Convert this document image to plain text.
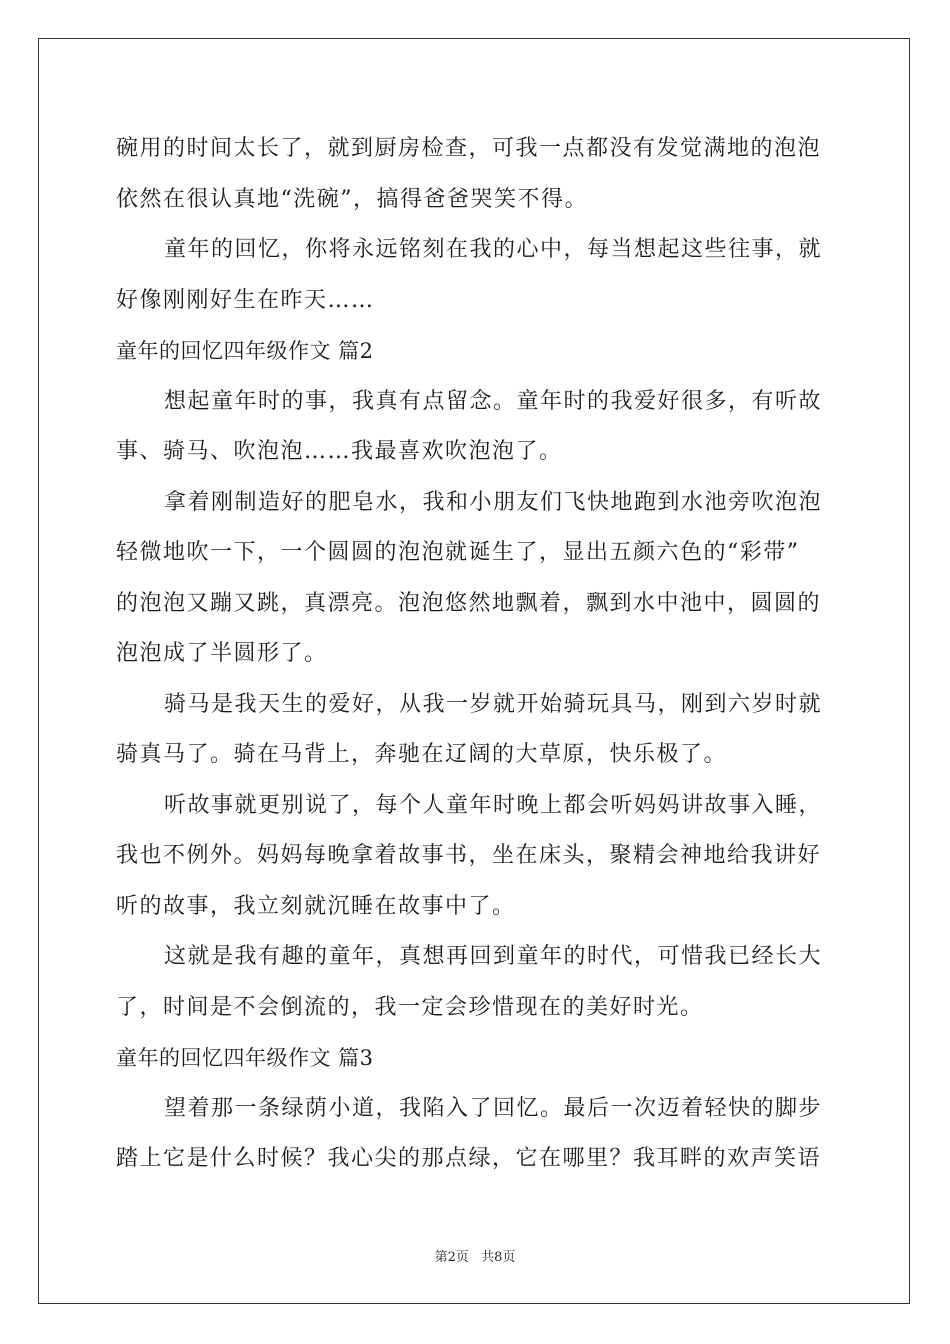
碗用的时间太长了，就到厨房检查，可我一点都没有发觉满地的泡泡
依然在很认真地“洗碗”，搞得爸爸哭笑不得。
童年的回忆，你将永远铭刻在我的心中，每当想起这些往事，就
好像刚刚好生在昨天……
童年的回忆四年级作文 篇2
想起童年时的事，我真有点留念。童年时的我爱好很多，有听故
事、骑马、吹泡泡……我最喜欢吹泡泡了。
拿着刚制造好的肥皂水，我和小朋友们飞快地跑到水池旁吹泡泡
轻微地吹一下，一个圆圆的泡泡就诞生了，显出五颜六色的“彩带”
的泡泡又蹦又跳，真漂亮。泡泡悠然地飘着，飘到水中池中，圆圆的
泡泡成了半圆形了。
骑马是我天生的爱好，从我一岁就开始骑玩具马，刚到六岁时就
骑真马了。骑在马背上，奔驰在辽阔的大草原，快乐极了。
听故事就更别说了，每个人童年时晚上都会听妈妈讲故事入睡，
我也不例外。妈妈每晚拿着故事书，坐在床头，聚精会神地给我讲好
听的故事，我立刻就沉睡在故事中了。
这就是我有趣的童年，真想再回到童年的时代，可惜我已经长大
了，时间是不会倒流的，我一定会珍惜现在的美好时光。
童年的回忆四年级作文 篇3
望着那一条绿荫小道，我陷入了回忆。最后一次迈着轻快的脚步
踏上它是什么时候？我心尖的那点绿，它在哪里？我耳畔的欢声笑语
第2页 共8页
